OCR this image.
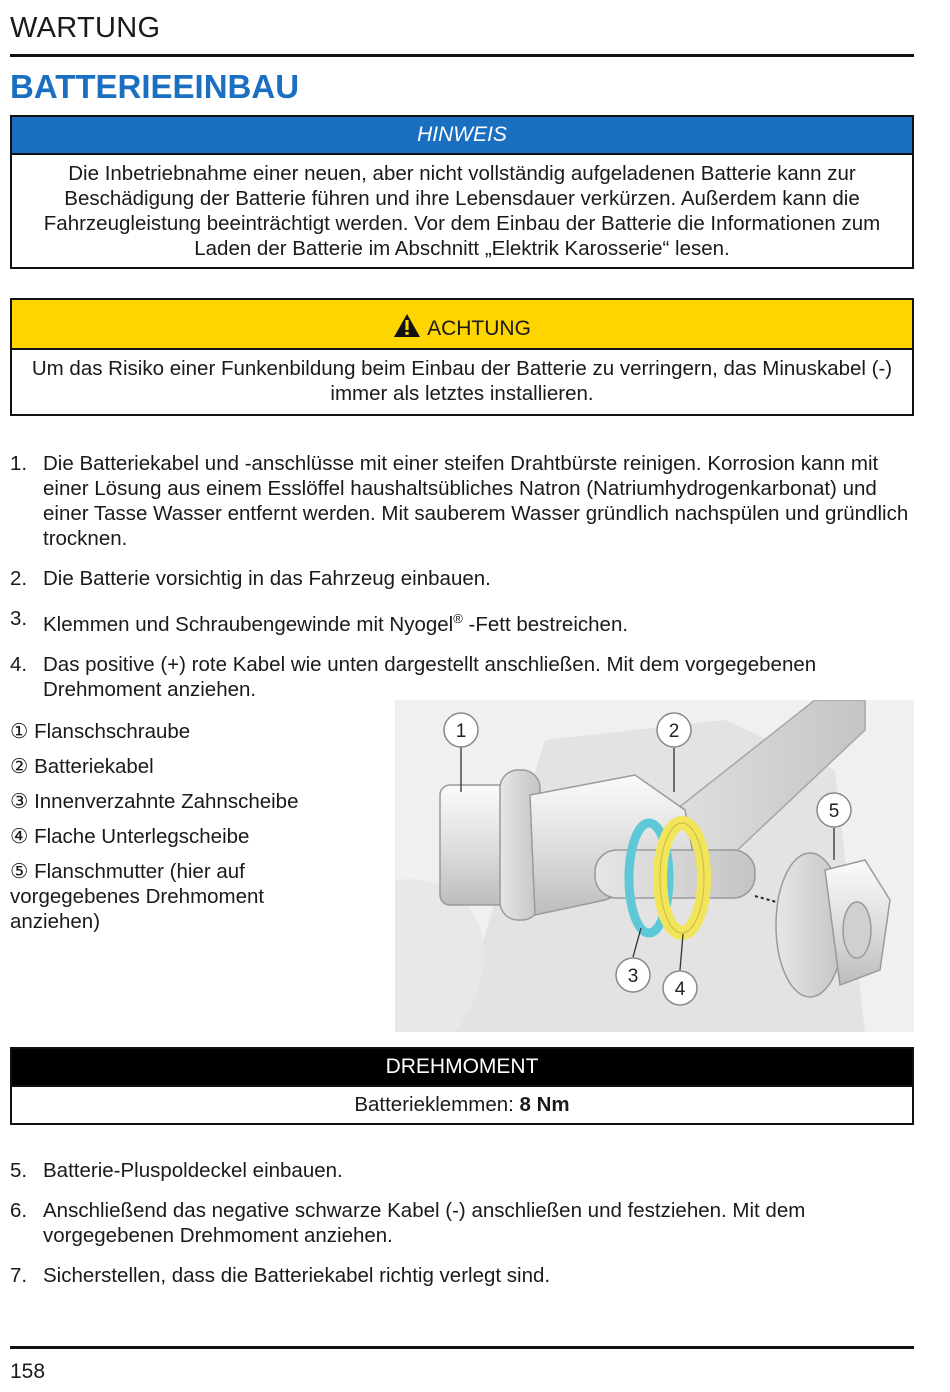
WARTUNG
BATTERIEEINBAU
HINWEIS
Die Inbetriebnahme einer neuen, aber nicht vollständig aufgeladenen Batterie kann zur Beschädigung der Batterie führen und ihre Lebensdauer verkürzen. Außerdem kann die Fahrzeugleistung beeinträchtigt werden. Vor dem Einbau der Batterie die Informationen zum Laden der Batterie im Abschnitt „Elektrik Karosserie“ lesen.
ACHTUNG
Um das Risiko einer Funkenbildung beim Einbau der Batterie zu verringern, das Minuskabel (-) immer als letztes installieren.
1. Die Batteriekabel und -anschlüsse mit einer steifen Drahtbürste reinigen. Korrosion kann mit einer Lösung aus einem Esslöffel haushaltsübliches Natron (Natriumhydrogenkarbonat) und einer Tasse Wasser entfernt werden. Mit sauberem Wasser gründlich nachspülen und gründlich trocknen.
2. Die Batterie vorsichtig in das Fahrzeug einbauen.
3. Klemmen und Schraubengewinde mit Nyogel® -Fett bestreichen.
4. Das positive (+) rote Kabel wie unten dargestellt anschließen. Mit dem vorgegebenen Drehmoment anziehen.
① Flanschschraube
② Batteriekabel
③ Innenverzahnte Zahnscheibe
④ Flache Unterlegscheibe
⑤ Flanschmutter (hier auf vorgegebenes Drehmoment anziehen)
1	2
3
4
5
DREHMOMENT
Batterieklemmen: 8 Nm
5. Batterie-Pluspoldeckel einbauen.
6. Anschließend das negative schwarze Kabel (-) anschließen und festziehen. Mit dem vorgegebenen Drehmoment anziehen.
7. Sicherstellen, dass die Batteriekabel richtig verlegt sind.
158
